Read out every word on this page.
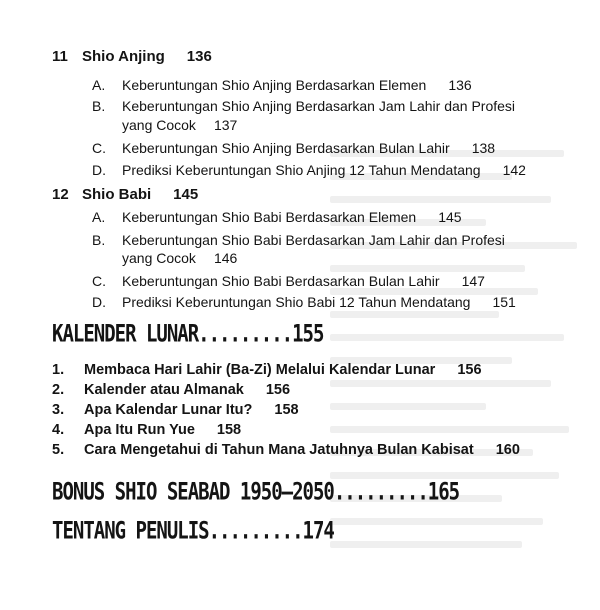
11 Shio Anjing 136
A. Keberuntungan Shio Anjing Berdasarkan Elemen 136
B. Keberuntungan Shio Anjing Berdasarkan Jam Lahir dan Profesi
yang Cocok 137
C. Keberuntungan Shio Anjing Berdasarkan Bulan Lahir 138
D. Prediksi Keberuntungan Shio Anjing 12 Tahun Mendatang 142
12 Shio Babi 145
A. Keberuntungan Shio Babi Berdasarkan Elemen 145
B. Keberuntungan Shio Babi Berdasarkan Jam Lahir dan Profesi
yang Cocok 146
C. Keberuntungan Shio Babi Berdasarkan Bulan Lahir 147
D. Prediksi Keberuntungan Shio Babi 12 Tahun Mendatang 151
KALENDER LUNAR.........155
1. Membaca Hari Lahir (Ba-Zi) Melalui Kalendar Lunar 156
2. Kalender atau Almanak 156
3. Apa Kalendar Lunar Itu? 158
4. Apa Itu Run Yue 158
5. Cara Mengetahui di Tahun Mana Jatuhnya Bulan Kabisat 160
BONUS SHIO SEABAD 1950–2050.........165
TENTANG PENULIS.........174
